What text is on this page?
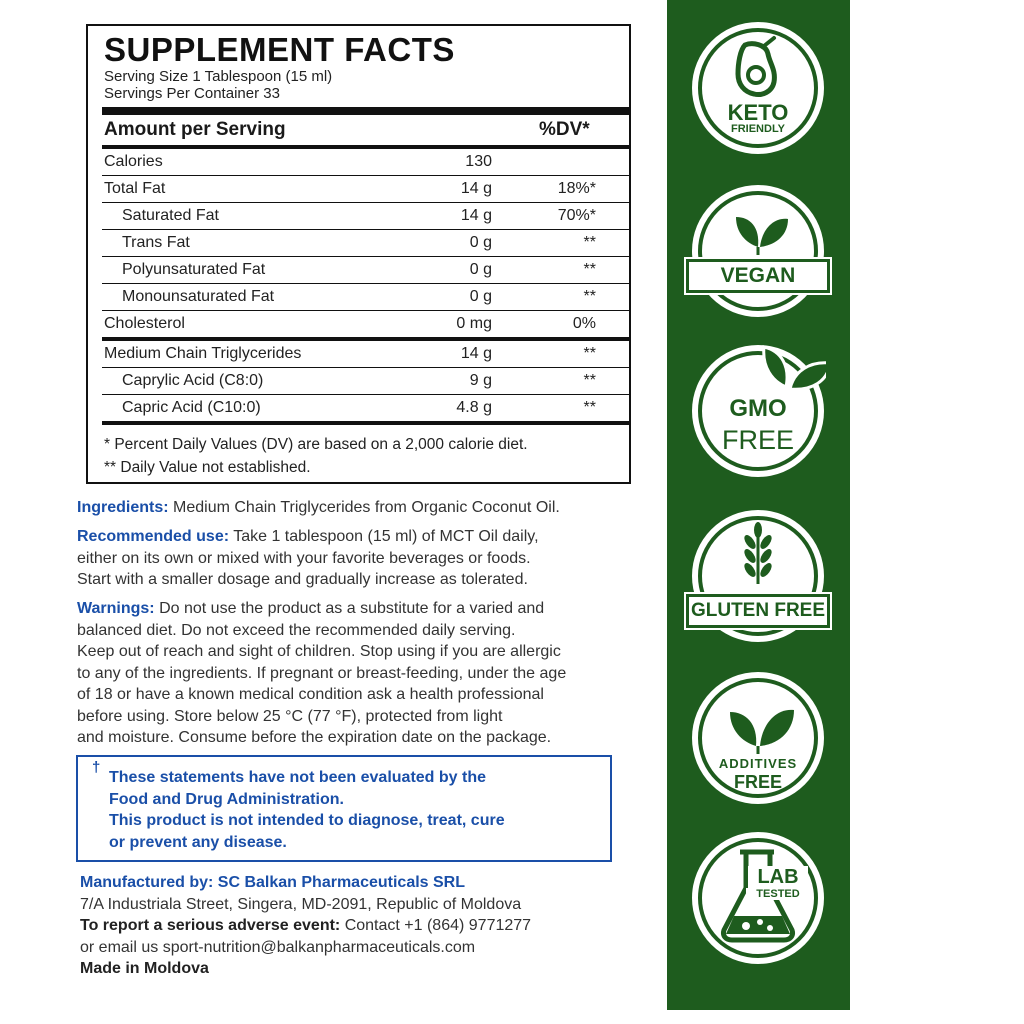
SUPPLEMENT FACTS
Serving Size 1 Tablespoon (15 ml)
Servings Per Container 33
Amount per Serving	%DV*
Calories	130
Total Fat	14 g	18%*
Saturated Fat	14 g	70%*
Trans Fat	0 g	**
Polyunsaturated Fat	0 g	**
Monounsaturated Fat	0 g	**
Cholesterol	0 mg	0%
Medium Chain Triglycerides	14 g	**
Caprylic Acid (C8:0)	9 g	**
Capric Acid (C10:0)	4.8 g	**
* Percent Daily Values (DV) are based on a 2,000 calorie diet.
** Daily Value not established.
Ingredients: Medium Chain Triglycerides from Organic Coconut Oil.
Recommended use: Take 1 tablespoon (15 ml) of MCT Oil daily,
either on its own or mixed with your favorite beverages or foods.
Start with a smaller dosage and gradually increase as tolerated.
Warnings: Do not use the product as a substitute for a varied and
balanced diet. Do not exceed the recommended daily serving.
Keep out of reach and sight of children. Stop using if you are allergic
to any of the ingredients. If pregnant or breast-feeding, under the age
of 18 or have a known medical condition ask a health professional
before using. Store below 25 °C (77 °F), protected from light
and moisture. Consume before the expiration date on the package.
†
These statements have not been evaluated by the
Food and Drug Administration.
This product is not intended to diagnose, treat, cure
or prevent any disease.
Manufactured by: SC Balkan Pharmaceuticals SRL
7/A Industriala Street, Singera, MD-2091, Republic of Moldova
To report a serious adverse event: Contact +1 (864) 9771277
or email us sport-nutrition@balkanpharmaceuticals.com
Made in Moldova
KETO
FRIENDLY
VEGAN
GMO
FREE
GLUTEN FREE
ADDITIVES
FREE
LAB
TESTED
